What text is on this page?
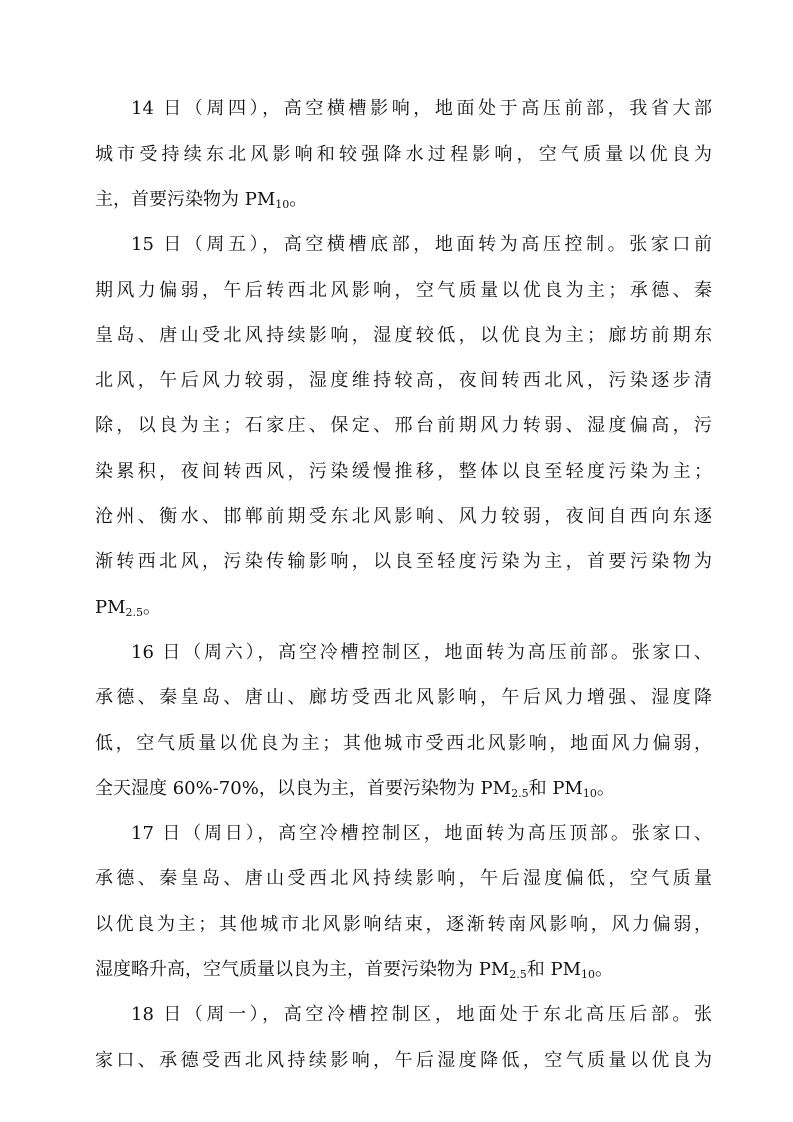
14 日（周四），高空横槽影响，地面处于高压前部，我省大部
城市受持续东北风影响和较强降水过程影响，空气质量以优良为
主，首要污染物为 $PM_{10}$。
15 日（周五），高空横槽底部，地面转为高压控制。张家口前
期风力偏弱，午后转西北风影响，空气质量以优良为主；承德、秦
皇岛、唐山受北风持续影响，湿度较低，以优良为主；廊坊前期东
北风，午后风力较弱，湿度维持较高，夜间转西北风，污染逐步清
除，以良为主；石家庄、保定、邢台前期风力转弱、湿度偏高，污
染累积，夜间转西风，污染缓慢推移，整体以良至轻度污染为主；
沧州、衡水、邯郸前期受东北风影响、风力较弱，夜间自西向东逐
渐转西北风，污染传输影响，以良至轻度污染为主，首要污染物为
$PM_{2.5}$。
16 日（周六），高空冷槽控制区，地面转为高压前部。张家口、
承德、秦皇岛、唐山、廊坊受西北风影响，午后风力增强、湿度降
低，空气质量以优良为主；其他城市受西北风影响，地面风力偏弱，
全天湿度 60%-70%，以良为主，首要污染物为 $PM_{2.5}$和 $PM_{10}$。
17 日（周日），高空冷槽控制区，地面转为高压顶部。张家口、
承德、秦皇岛、唐山受西北风持续影响，午后湿度偏低，空气质量
以优良为主；其他城市北风影响结束，逐渐转南风影响，风力偏弱，
湿度略升高，空气质量以良为主，首要污染物为 $PM_{2.5}$和 $PM_{10}$。
18 日（周一），高空冷槽控制区，地面处于东北高压后部。张
家口、承德受西北风持续影响，午后湿度降低，空气质量以优良为
